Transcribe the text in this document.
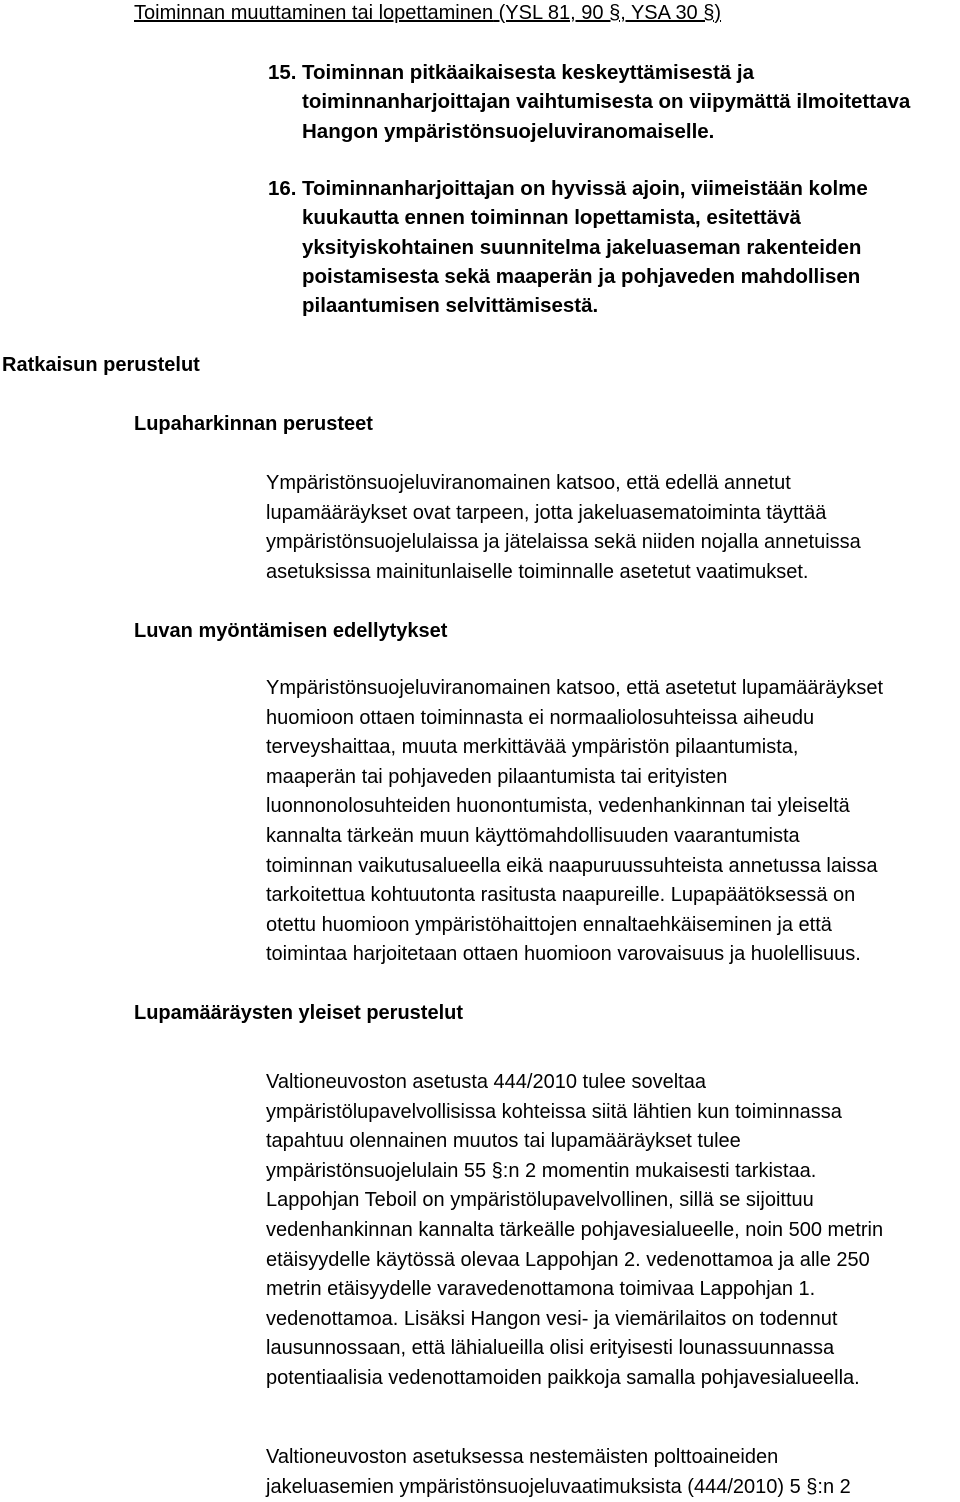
Toiminnan muuttaminen tai lopettaminen (YSL 81, 90 §, YSA 30 §)
15. Toiminnan pitkäaikaisesta keskeyttämisestä ja
toiminnanharjoittajan vaihtumisesta on viipymättä ilmoitettava
Hangon ympäristönsuojeluviranomaiselle.
16. Toiminnanharjoittajan on hyvissä ajoin, viimeistään kolme
kuukautta ennen toiminnan lopettamista, esitettävä
yksityiskohtainen suunnitelma jakeluaseman rakenteiden
poistamisesta sekä maaperän ja pohjaveden mahdollisen
pilaantumisen selvittämisestä.
Ratkaisun perustelut
Lupaharkinnan perusteet
Ympäristönsuojeluviranomainen katsoo, että edellä annetut
lupamääräykset ovat tarpeen, jotta jakeluasematoiminta täyttää
ympäristönsuojelulaissa ja jätelaissa sekä niiden nojalla annetuissa
asetuksissa mainitunlaiselle toiminnalle asetetut vaatimukset.
Luvan myöntämisen edellytykset
Ympäristönsuojeluviranomainen katsoo, että asetetut lupamääräykset
huomioon ottaen toiminnasta ei normaaliolosuhteissa aiheudu
terveyshaittaa, muuta merkittävää ympäristön pilaantumista,
maaperän tai pohjaveden pilaantumista tai erityisten
luonnonolosuhteiden huonontumista, vedenhankinnan tai yleiseltä
kannalta tärkeän muun käyttömahdollisuuden vaarantumista
toiminnan vaikutusalueella eikä naapuruussuhteista annetussa laissa
tarkoitettua kohtuutonta rasitusta naapureille. Lupapäätöksessä on
otettu huomioon ympäristöhaittojen ennaltaehkäiseminen ja että
toimintaa harjoitetaan ottaen huomioon varovaisuus ja huolellisuus.
Lupamääräysten yleiset perustelut
Valtioneuvoston asetusta 444/2010 tulee soveltaa
ympäristölupavelvollisissa kohteissa siitä lähtien kun toiminnassa
tapahtuu olennainen muutos tai lupamääräykset tulee
ympäristönsuojelulain 55 §:n 2 momentin mukaisesti tarkistaa.
Lappohjan Teboil on ympäristölupavelvollinen, sillä se sijoittuu
vedenhankinnan kannalta tärkeälle pohjavesialueelle, noin 500 metrin
etäisyydelle käytössä olevaa Lappohjan 2. vedenottamoa ja alle 250
metrin etäisyydelle varavedenottamona toimivaa Lappohjan 1.
vedenottamoa. Lisäksi Hangon vesi- ja viemärilaitos on todennut
lausunnossaan, että lähialueilla olisi erityisesti lounassuunnassa
potentiaalisia vedenottamoiden paikkoja samalla pohjavesialueella.
Valtioneuvoston asetuksessa nestemäisten polttoaineiden
jakeluasemien ympäristönsuojeluvaatimuksista (444/2010) 5 §:n 2
